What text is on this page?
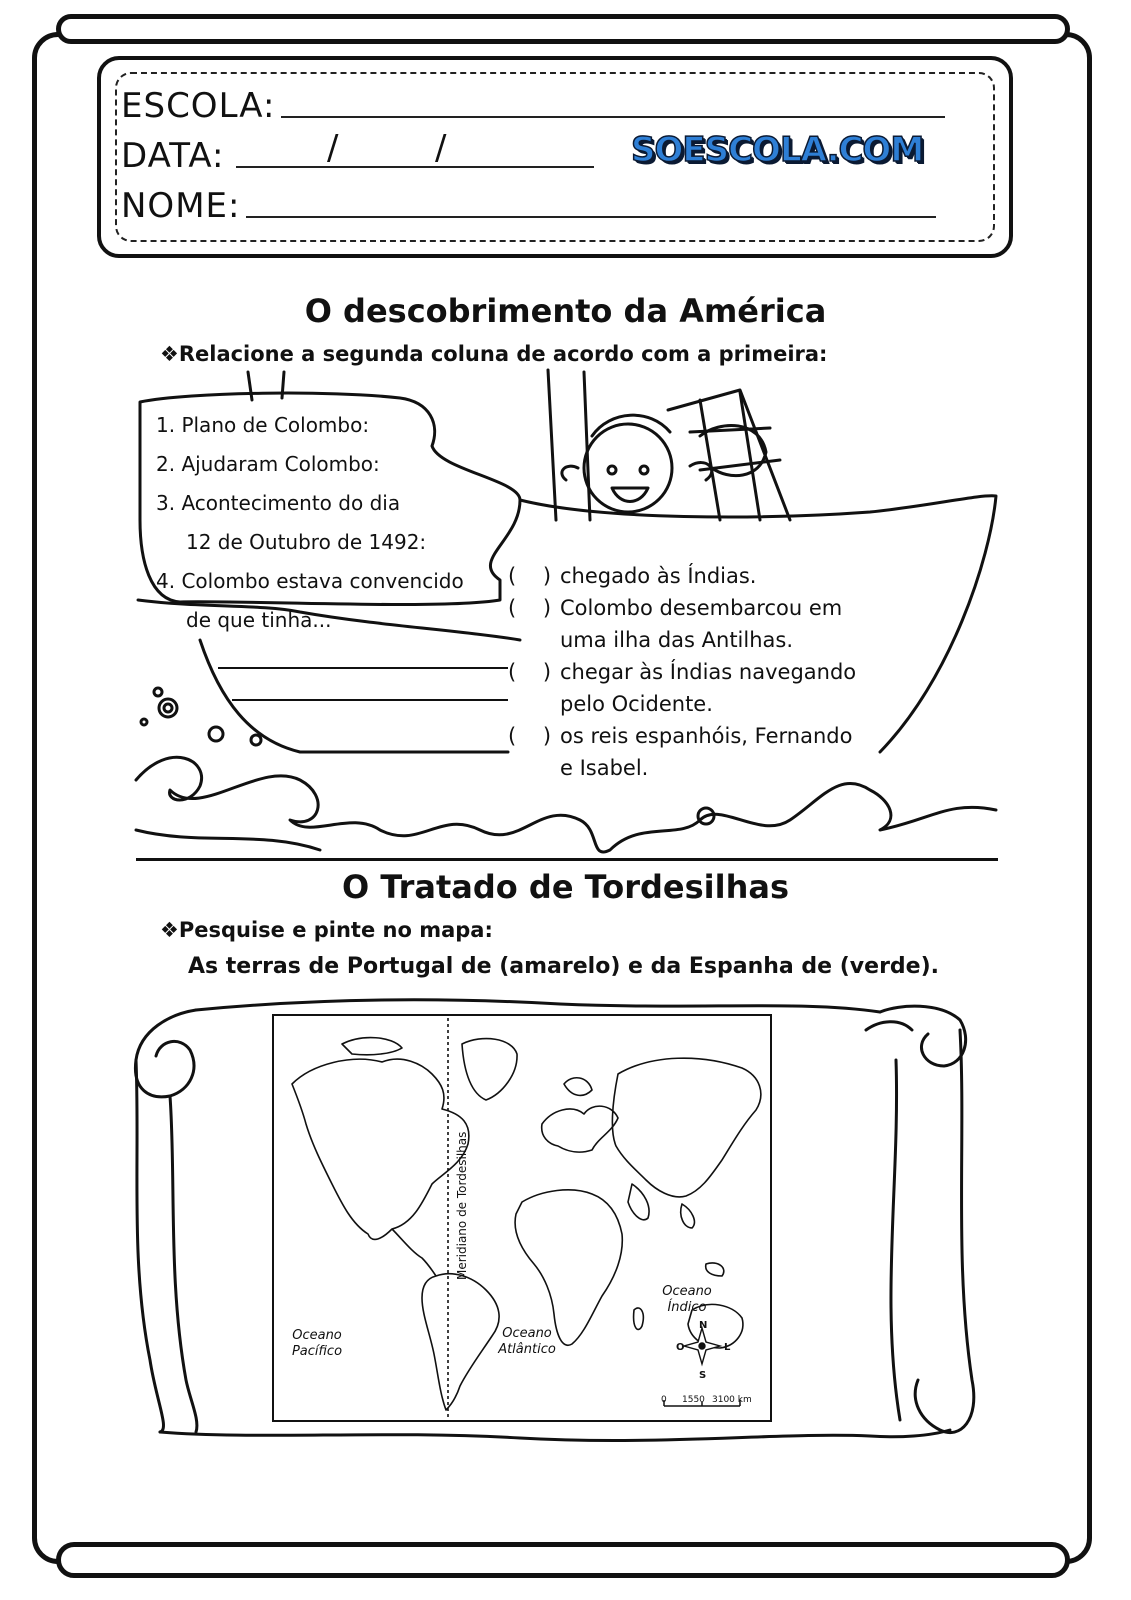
ESCOLA:
DATA:	/	/
NOME:
SOESCOLA.COM
O descobrimento da América
❖Relacione a segunda coluna de acordo com a primeira:
1. Plano de Colombo:
2. Ajudaram Colombo:
3. Acontecimento do dia
12 de Outubro de 1492:
4. Colombo estava convencido
de que tinha...
(    ) chegado às Índias.
(    ) Colombo desembarcou em
uma ilha das Antilhas.
(    ) chegar às Índias navegando
pelo Ocidente.
(    ) os reis espanhóis, Fernando
e Isabel.
O Tratado de Tordesilhas
❖Pesquise e pinte no mapa:
As terras de Portugal de (amarelo) e da Espanha de (verde).
Meridiano de Tordesilhas
Oceano
Pacífico
Oceano
Atlântico
Oceano
Índico
N
S
O	L
0 1550 3100 km
